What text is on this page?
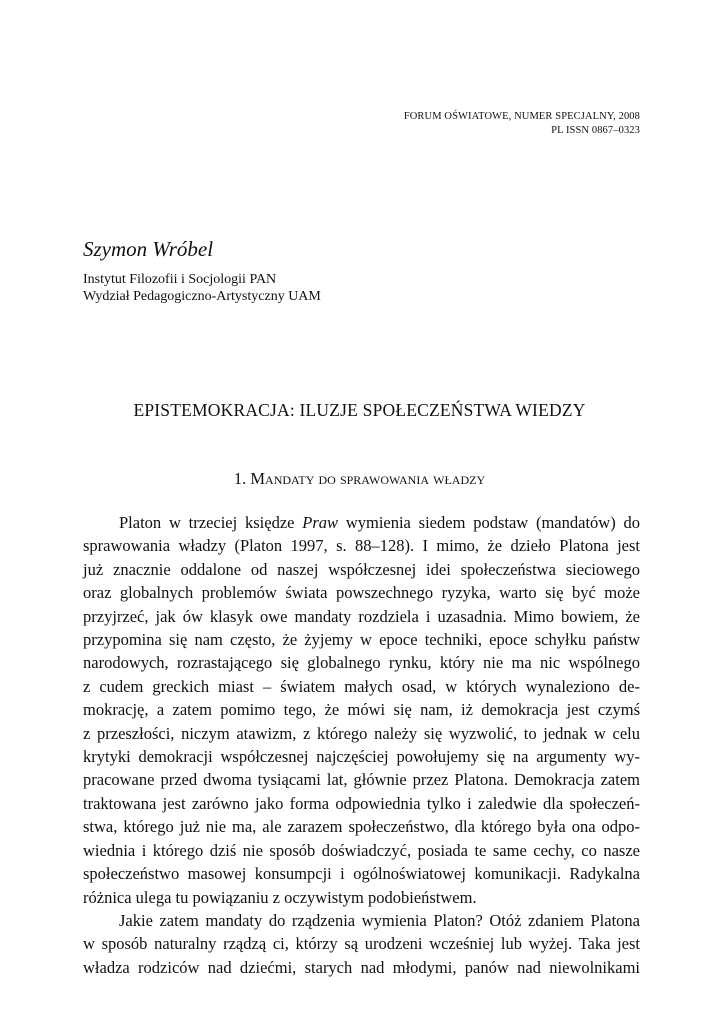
FORUM OŚWIATOWE, NUMER SPECJALNY, 2008
PL ISSN 0867–0323
Szymon Wróbel
Instytut Filozofii i Socjologii PAN
Wydział Pedagogiczno-Artystyczny UAM
EPISTEMOKRACJA: ILUZJE SPOŁECZEŃSTWA WIEDZY
1. Mandaty do sprawowania władzy
Platon w trzeciej księdze Praw wymienia siedem podstaw (mandatów) do
sprawowania władzy (Platon 1997, s. 88–128). I mimo, że dzieło Platona jest
już znacznie oddalone od naszej współczesnej idei społeczeństwa sieciowego
oraz globalnych problemów świata powszechnego ryzyka, warto się być może
przyjrzeć, jak ów klasyk owe mandaty rozdziela i uzasadnia. Mimo bowiem, że
przypomina się nam często, że żyjemy w epoce techniki, epoce schyłku państw
narodowych, rozrastającego się globalnego rynku, który nie ma nic wspólnego
z cudem greckich miast – światem małych osad, w których wynaleziono de-
mokrację, a zatem pomimo tego, że mówi się nam, iż demokracja jest czymś
z przeszłości, niczym atawizm, z którego należy się wyzwolić, to jednak w celu
krytyki demokracji współczesnej najczęściej powołujemy się na argumenty wy-
pracowane przed dwoma tysiącami lat, głównie przez Platona. Demokracja zatem
traktowana jest zarówno jako forma odpowiednia tylko i zaledwie dla społeczeń-
stwa, którego już nie ma, ale zarazem społeczeństwo, dla którego była ona odpo-
wiednia i którego dziś nie sposób doświadczyć, posiada te same cechy, co nasze
społeczeństwo masowej konsumpcji i ogólnoświatowej komunikacji. Radykalna
różnica ulega tu powiązaniu z oczywistym podobieństwem.
Jakie zatem mandaty do rządzenia wymienia Platon? Otóż zdaniem Platona
w sposób naturalny rządzą ci, którzy są urodzeni wcześniej lub wyżej. Taka jest
władza rodziców nad dziećmi, starych nad młodymi, panów nad niewolnikami
